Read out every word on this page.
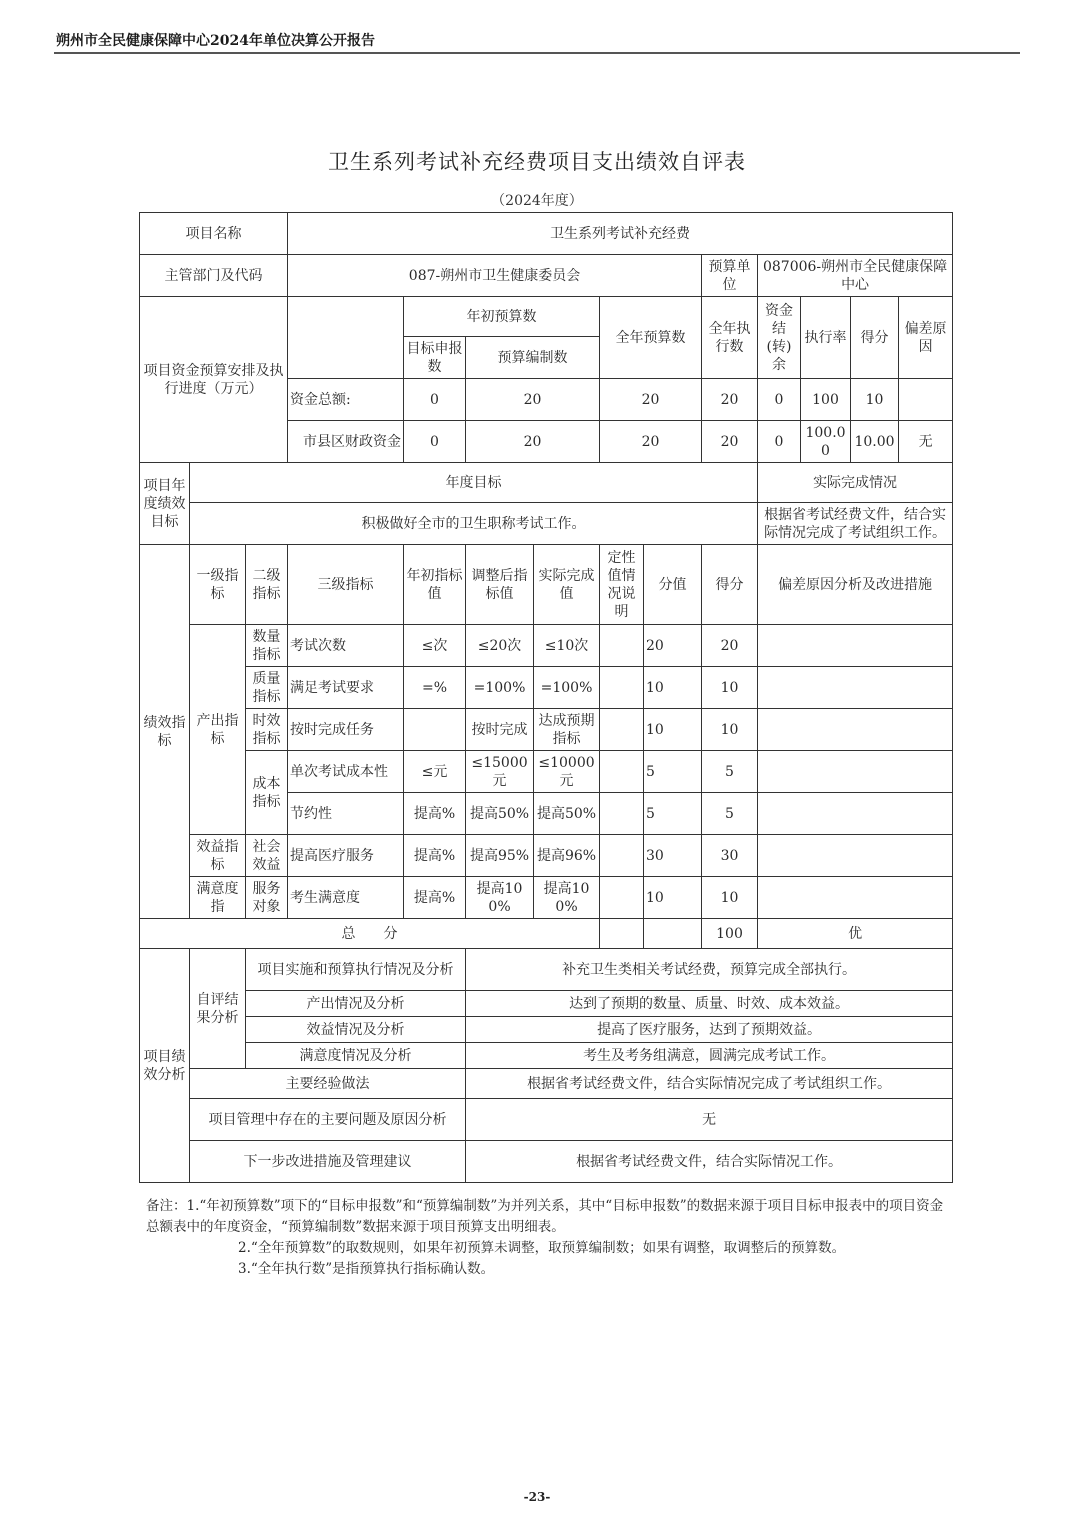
朔州市全民健康保障中心2024年单位决算公开报告
卫生系列考试补充经费项目支出绩效自评表
（2024年度）
项目名称			卫生系列考试补充经费										
主管部门及代码			087-朔州市卫生健康委员会						预算单位	087006-朔州市全民健康保障中心			
项目资金预算安排及执行进度（万元）				年初预算数			全年预算数		全年执行数	资金结(转)余	执行率	得分	偏差原因
				目标申报数	预算编制数								
			资金总额:	0	20		20		20	0	100	10	
			市县区财政资金	0	20		20		20	0	100.00	10.00	无
项目年度绩效目标	年度目标									实际完成情况			
	积极做好全市的卫生职称考试工作。									根据省考试经费文件，结合实际情况完成了考试组织工作。			
绩效指标	一级指标	二级指标	三级指标	年初指标值	调整后指标值	实际完成值	定性值情况说明	分值	得分	偏差原因分析及改进措施			
	产出指标	数量指标	考试次数	≤次	≤20次	≤10次		20	20				
		质量指标	满足考试要求	=%	=100%	=100%		10	10				
		时效指标	按时完成任务		按时完成	达成预期指标		10	10				
		成本指标	单次考试成本性	≤元	≤15000元	≤10000元		5	5				
			节约性	提高%	提高50%	提高50%		5	5				
	效益指标	社会效益	提高医疗服务	提高%	提高95%	提高96%		30	30				
	满意度指	服务对象	考生满意度	提高%	提高100%	提高100%		10	10				
总　　分									100	优			
项目绩效分析	自评结果分析	项目实施和预算执行情况及分析			补充卫生类相关考试经费，预算完成全部执行。								
		产出情况及分析			达到了预期的数量、质量、时效、成本效益。								
		效益情况及分析			提高了医疗服务，达到了预期效益。								
		满意度情况及分析			考生及考务组满意，圆满完成考试工作。								
	主要经验做法				根据省考试经费文件，结合实际情况完成了考试组织工作。								
	项目管理中存在的主要问题及原因分析				无								
	下一步改进措施及管理建议				根据省考试经费文件，结合实际情况工作。								

备注：1.“年初预算数”项下的“目标申报数”和“预算编制数”为并列关系，其中“目标申报数”的数据来源于项目目标申报表中的项目资金总额表中的年度资金，“预算编制数”数据来源于项目预算支出明细表。

2.“全年预算数”的取数规则，如果年初预算未调整，取预算编制数；如果有调整，取调整后的预算数。

3.“全年执行数”是指预算执行指标确认数。

-23-
